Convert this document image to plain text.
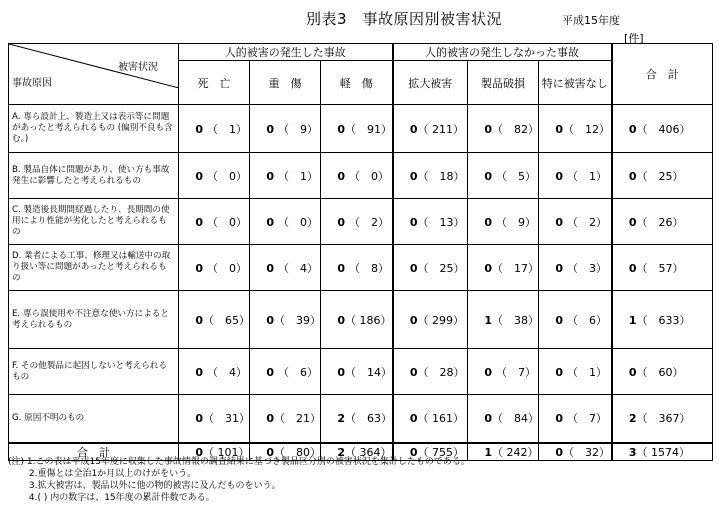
別表3　事故原因別被害状況	平成15年度
[件]
被害状況
事故原因	人的被害の発生した事故			人的被害の発生しなかった事故			合　計
	死　亡	重　傷	軽　傷	拡大被害	製品破損	特に被害なし	
A. 専ら設計上、製造上又は表示等に問題があったと考えられるもの (偏別不良も含む。)	0 （　1）	0 （　9）	0（　91）	0（ 211）	0（　82）	0（　12）	0（　406）
B. 製品自体に問題があり、使い方も事故発生に影響したと考えられるもの	0 （　0）	0 （　1）	0 （　0）	0（　18）	0 （　5）	0 （　1）	0（　25）
C. 製造後長期間経過したり、長期間の使用により性能が劣化したと考えられるもの	0 （　0）	0 （　0）	0 （　2）	0（　13）	0 （　9）	0 （　2）	0（　26）
D. 業者による工事、修理又は輸送中の取り扱い等に問題があったと考えられるもの	0 （　0）	0 （　4）	0 （　8）	0（　25）	0（　17）	0 （　3）	0（　57）
E. 専ら誤使用や不注意な使い方によると考えられるもの	0（　65）	0（　39）	0（ 186）	0（ 299）	1（　38）	0 （　6）	1（　633）
F. その他製品に起因しないと考えられるもの	0 （　4）	0 （　6）	0（　14）	0（　28）	0 （　7）	0 （　1）	0（　60）
G. 原因不明のもの	0（　31）	0（　21）	2（　63）	0（ 161）	0（　84）	0 （　7）	2（　367）
合　計	0（ 101）	0（　80）	2（ 364）	0（ 755）	1（ 242）	0（　32）	3（ 1574）
(注) 1.この表は平成15年度に収集した事故情報の調査結果に基づき製品区分別の被害状況を集計したものである。
　　 2.重傷とは全治1か月以上のけがをいう。
　　 3.拡大被害は、製品以外に他の物的被害に及んだものをいう。
　　 4.( ) 内の数字は、15年度の累計件数である。
